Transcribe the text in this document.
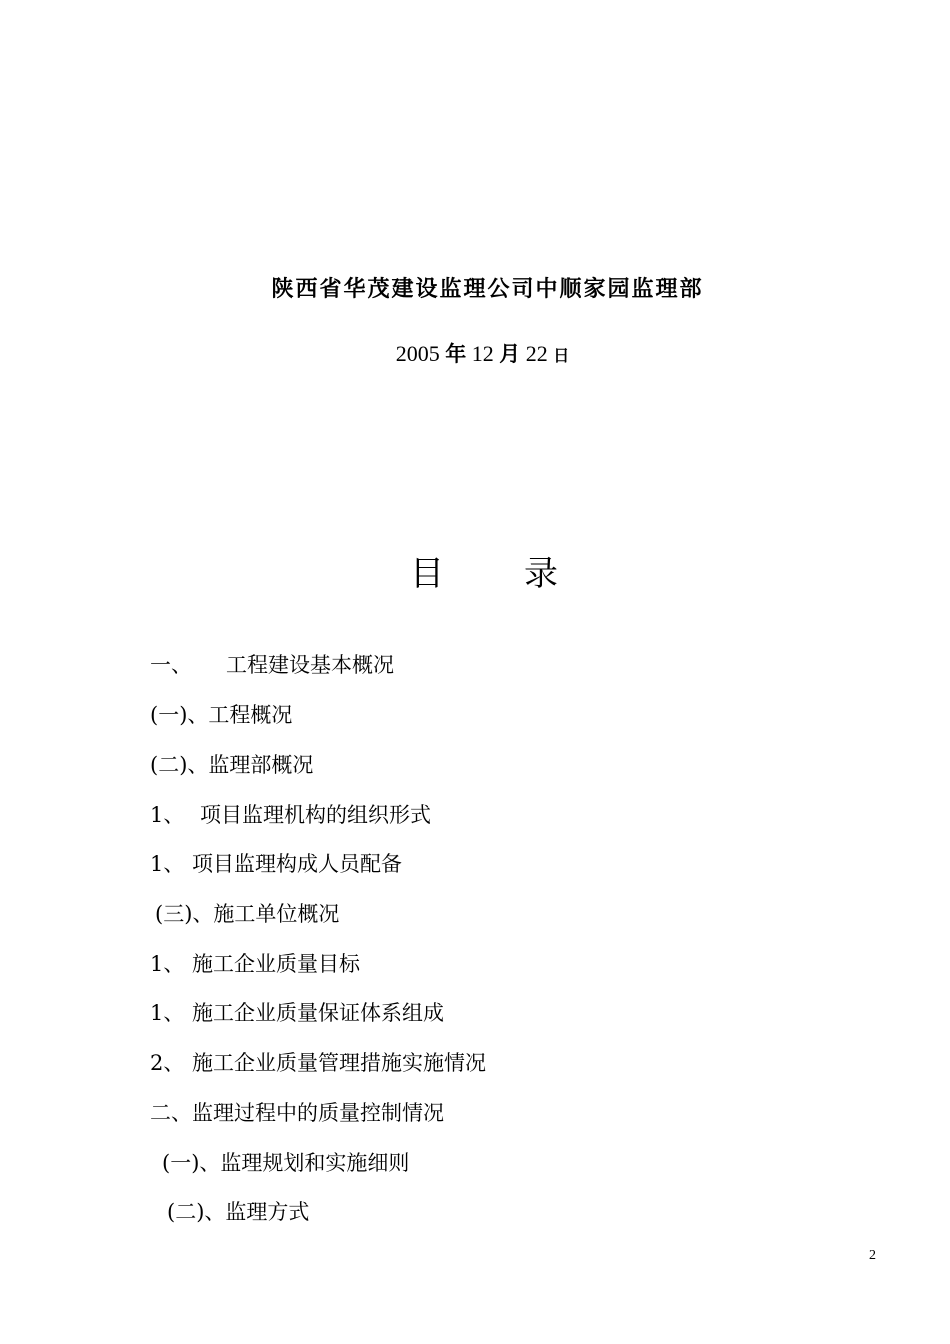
陕西省华茂建设监理公司中顺家园监理部
2005 年 12 月 22 日
目 录
一、 工程建设基本概况
(一)、工程概况
(二)、监理部概况
1、 项目监理机构的组织形式
1、 项目监理构成人员配备
(三)、施工单位概况
1、 施工企业质量目标
1、 施工企业质量保证体系组成
2、 施工企业质量管理措施实施情况
二、监理过程中的质量控制情况
(一)、监理规划和实施细则
(二)、监理方式
2
